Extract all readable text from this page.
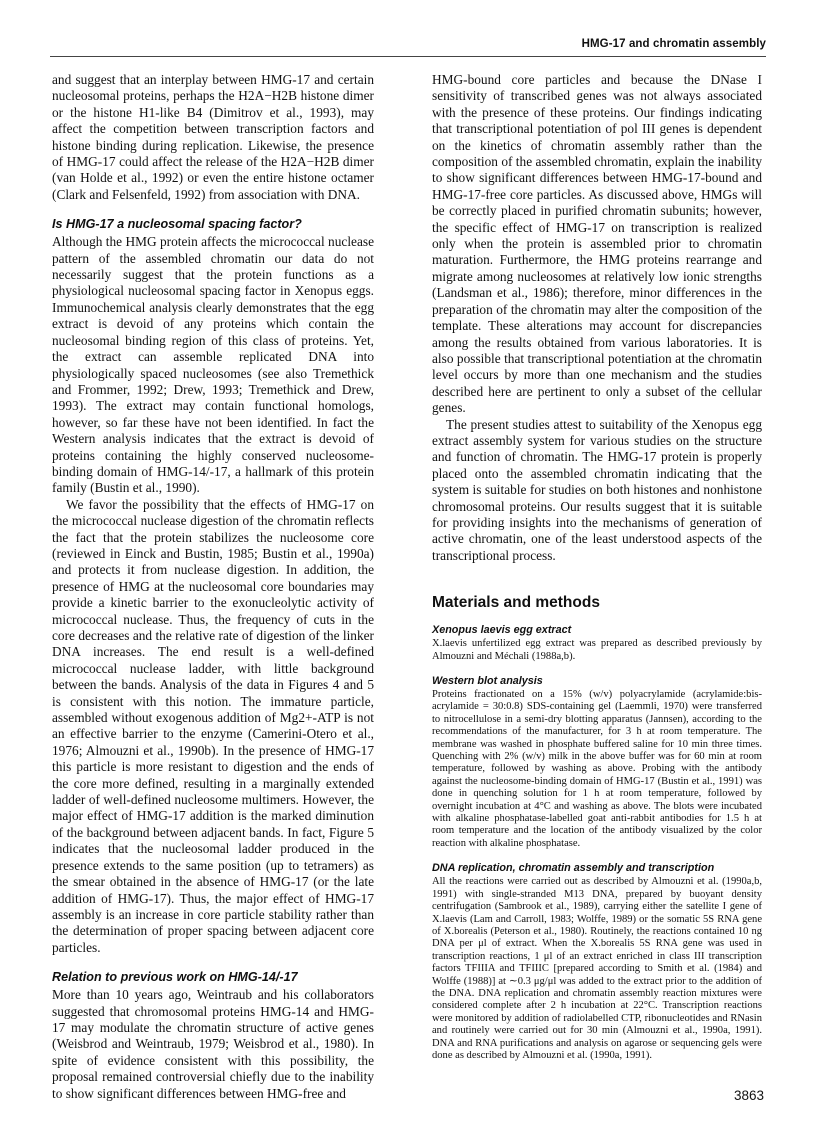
HMG-17 and chromatin assembly

and suggest that an interplay between HMG-17 and certain nucleosomal proteins, perhaps the H2A−H2B histone dimer or the histone H1-like B4 (Dimitrov et al., 1993), may affect the competition between transcription factors and histone binding during replication. Likewise, the presence of HMG-17 could affect the release of the H2A−H2B dimer (van Holde et al., 1992) or even the entire histone octamer (Clark and Felsenfeld, 1992) from association with DNA.

Is HMG-17 a nucleosomal spacing factor?

Although the HMG protein affects the micrococcal nuclease pattern of the assembled chromatin our data do not necessarily suggest that the protein functions as a physiological nucleosomal spacing factor in Xenopus eggs. Immunochemical analysis clearly demonstrates that the egg extract is devoid of any proteins which contain the nucleosomal binding region of this class of proteins. Yet, the extract can assemble replicated DNA into physiologically spaced nucleosomes (see also Tremethick and Frommer, 1992; Drew, 1993; Tremethick and Drew, 1993). The extract may contain functional homologs, however, so far these have not been identified. In fact the Western analysis indicates that the extract is devoid of proteins containing the highly conserved nucleosome-binding domain of HMG-14/-17, a hallmark of this protein family (Bustin et al., 1990).

We favor the possibility that the effects of HMG-17 on the micrococcal nuclease digestion of the chromatin reflects the fact that the protein stabilizes the nucleosome core (reviewed in Einck and Bustin, 1985; Bustin et al., 1990a) and protects it from nuclease digestion. In addition, the presence of HMG at the nucleosomal core boundaries may provide a kinetic barrier to the exonucleolytic activity of micrococcal nuclease. Thus, the frequency of cuts in the core decreases and the relative rate of digestion of the linker DNA increases. The end result is a well-defined micrococcal nuclease ladder, with little background between the bands. Analysis of the data in Figures 4 and 5 is consistent with this notion. The immature particle, assembled without exogenous addition of Mg2+-ATP is not an effective barrier to the enzyme (Camerini-Otero et al., 1976; Almouzni et al., 1990b). In the presence of HMG-17 this particle is more resistant to digestion and the ends of the core more defined, resulting in a marginally extended ladder of well-defined nucleosome multimers. However, the major effect of HMG-17 addition is the marked diminution of the background between adjacent bands. In fact, Figure 5 indicates that the nucleosomal ladder produced in the presence extends to the same position (up to tetramers) as the smear obtained in the absence of HMG-17 (or the late addition of HMG-17). Thus, the major effect of HMG-17 assembly is an increase in core particle stability rather than the determination of proper spacing between adjacent core particles.

Relation to previous work on HMG-14/-17

More than 10 years ago, Weintraub and his collaborators suggested that chromosomal proteins HMG-14 and HMG-17 may modulate the chromatin structure of active genes (Weisbrod and Weintraub, 1979; Weisbrod et al., 1980). In spite of evidence consistent with this possibility, the proposal remained controversial chiefly due to the inability to show significant differences between HMG-free and

HMG-bound core particles and because the DNase I sensitivity of transcribed genes was not always associated with the presence of these proteins. Our findings indicating that transcriptional potentiation of pol III genes is dependent on the kinetics of chromatin assembly rather than the composition of the assembled chromatin, explain the inability to show significant differences between HMG-17-bound and HMG-17-free core particles. As discussed above, HMGs will be correctly placed in purified chromatin subunits; however, the specific effect of HMG-17 on transcription is realized only when the protein is assembled prior to chromatin maturation. Furthermore, the HMG proteins rearrange and migrate among nucleosomes at relatively low ionic strengths (Landsman et al., 1986); therefore, minor differences in the preparation of the chromatin may alter the composition of the template. These alterations may account for discrepancies among the results obtained from various laboratories. It is also possible that transcriptional potentiation at the chromatin level occurs by more than one mechanism and the studies described here are pertinent to only a subset of the cellular genes.

The present studies attest to suitability of the Xenopus egg extract assembly system for various studies on the structure and function of chromatin. The HMG-17 protein is properly placed onto the assembled chromatin indicating that the system is suitable for studies on both histones and nonhistone chromosomal proteins. Our results suggest that it is suitable for providing insights into the mechanisms of generation of active chromatin, one of the least understood aspects of the transcriptional process.

Materials and methods
Xenopus laevis egg extract

X.laevis unfertilized egg extract was prepared as described previously by Almouzni and Méchali (1988a,b).

Western blot analysis

Proteins fractionated on a 15% (w/v) polyacrylamide (acrylamide:bis-acrylamide = 30:0.8) SDS-containing gel (Laemmli, 1970) were transferred to nitrocellulose in a semi-dry blotting apparatus (Jannsen), according to the recommendations of the manufacturer, for 3 h at room temperature. The membrane was washed in phosphate buffered saline for 10 min three times. Quenching with 2% (w/v) milk in the above buffer was for 60 min at room temperature, followed by washing as above. Probing with the antibody against the nucleosome-binding domain of HMG-17 (Bustin et al., 1991) was done in quenching solution for 1 h at room temperature, followed by overnight incubation at 4°C and washing as above. The blots were incubated with alkaline phosphatase-labelled goat anti-rabbit antibodies for 1.5 h at room temperature and the location of the antibody visualized by the color reaction with alkaline phosphatase.

DNA replication, chromatin assembly and transcription

All the reactions were carried out as described by Almouzni et al. (1990a,b, 1991) with single-stranded M13 DNA, prepared by buoyant density centrifugation (Sambrook et al., 1989), carrying either the satellite I gene of X.laevis (Lam and Carroll, 1983; Wolffe, 1989) or the somatic 5S RNA gene of X.borealis (Peterson et al., 1980). Routinely, the reactions contained 10 ng DNA per μl of extract. When the X.borealis 5S RNA gene was used in transcription reactions, 1 μl of an extract enriched in class III transcription factors TFIIIA and TFIIIC [prepared according to Smith et al. (1984) and Wolffe (1988)] at ∼0.3 μg/μl was added to the extract prior to the addition of the DNA. DNA replication and chromatin assembly reaction mixtures were considered complete after 2 h incubation at 22°C. Transcription reactions were monitored by addition of radiolabelled CTP, ribonucleotides and RNasin and routinely were carried out for 30 min (Almouzni et al., 1990a, 1991). DNA and RNA purifications and analysis on agarose or sequencing gels were done as described by Almouzni et al. (1990a, 1991).

3863
